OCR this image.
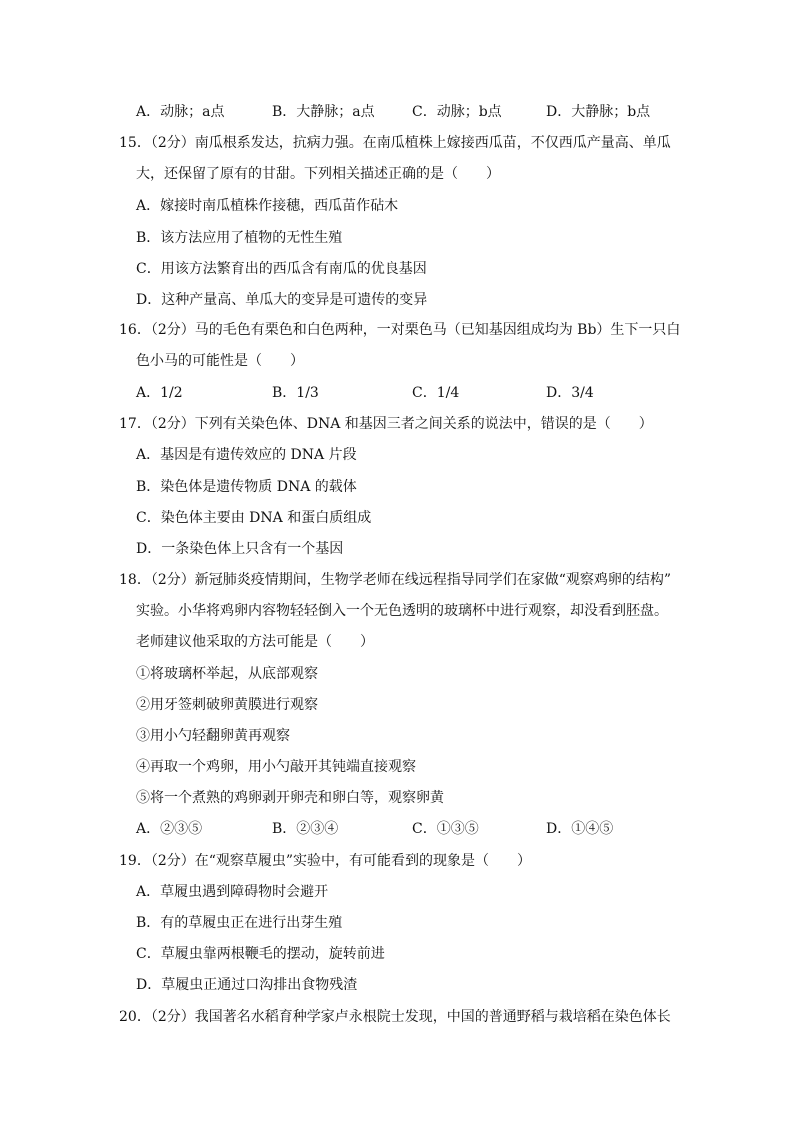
A．动脉；a点	B．大静脉；a点	C．动脉；b点	D．大静脉；b点
15．（2分）南瓜根系发达，抗病力强。在南瓜植株上嫁接西瓜苗，不仅西瓜产量高、单瓜
大，还保留了原有的甘甜。下列相关描述正确的是（　　）
A．嫁接时南瓜植株作接穗，西瓜苗作砧木
B．该方法应用了植物的无性生殖
C．用该方法繁育出的西瓜含有南瓜的优良基因
D．这种产量高、单瓜大的变异是可遗传的变异
16．（2分）马的毛色有栗色和白色两种，一对栗色马（已知基因组成均为 Bb）生下一只白
色小马的可能性是（　　）
A．1/2	B．1/3	C．1/4	D．3/4
17．（2分）下列有关染色体、DNA 和基因三者之间关系的说法中，错误的是（　　）
A．基因是有遗传效应的 DNA 片段
B．染色体是遗传物质 DNA 的载体
C．染色体主要由 DNA 和蛋白质组成
D．一条染色体上只含有一个基因
18．（2分）新冠肺炎疫情期间，生物学老师在线远程指导同学们在家做“观察鸡卵的结构”
实验。小华将鸡卵内容物轻轻倒入一个无色透明的玻璃杯中进行观察，却没看到胚盘。
老师建议他采取的方法可能是（　　）
①将玻璃杯举起，从底部观察
②用牙签刺破卵黄膜进行观察
③用小勺轻翻卵黄再观察
④再取一个鸡卵，用小勺敲开其钝端直接观察
⑤将一个煮熟的鸡卵剥开卵壳和卵白等，观察卵黄
A．②③⑤	B．②③④	C．①③⑤	D．①④⑤
19．（2分）在“观察草履虫”实验中，有可能看到的现象是（　　）
A．草履虫遇到障碍物时会避开
B．有的草履虫正在进行出芽生殖
C．草履虫靠两根鞭毛的摆动，旋转前进
D．草履虫正通过口沟排出食物残渣
20．（2分）我国著名水稻育种学家卢永根院士发现，中国的普通野稻与栽培稻在染色体长
